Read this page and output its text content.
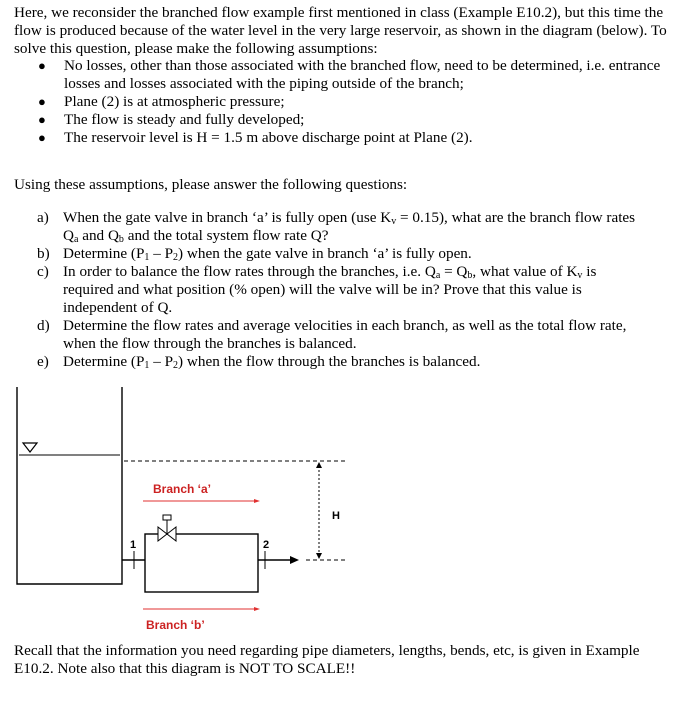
Here, we reconsider the branched flow example first mentioned in class (Example E10.2), but this time the flow is produced because of the water level in the very large reservoir, as shown in the diagram (below). To solve this question, please make the following assumptions:

● No losses, other than those associated with the branched flow, need to be determined, i.e. entrance losses and losses associated with the piping outside of the branch;
● Plane (2) is at atmospheric pressure;
● The flow is steady and fully developed;
● The reservoir level is H = 1.5 m above discharge point at Plane (2).

Using these assumptions, please answer the following questions:

a) When the gate valve in branch ‘a’ is fully open (use $K_v = 0.15$), what are the branch flow rates $Q_a$ and $Q_b$ and the total system flow rate Q?
b) Determine $(P_1 - P_2)$ when the gate valve in branch ‘a’ is fully open.
c) In order to balance the flow rates through the branches, i.e. $Q_a = Q_b$, what value of $K_v$ is required and what position (% open) will the valve will be in? Prove that this value is independent of Q.
d) Determine the flow rates and average velocities in each branch, as well as the total flow rate, when the flow through the branches is balanced.
e) Determine $(P_1 - P_2)$ when the flow through the branches is balanced.
1	2
Branch ‘a’
Branch ‘b’
H

Recall that the information you need regarding pipe diameters, lengths, bends, etc, is given in Example E10.2. Note also that this diagram is NOT TO SCALE!!
